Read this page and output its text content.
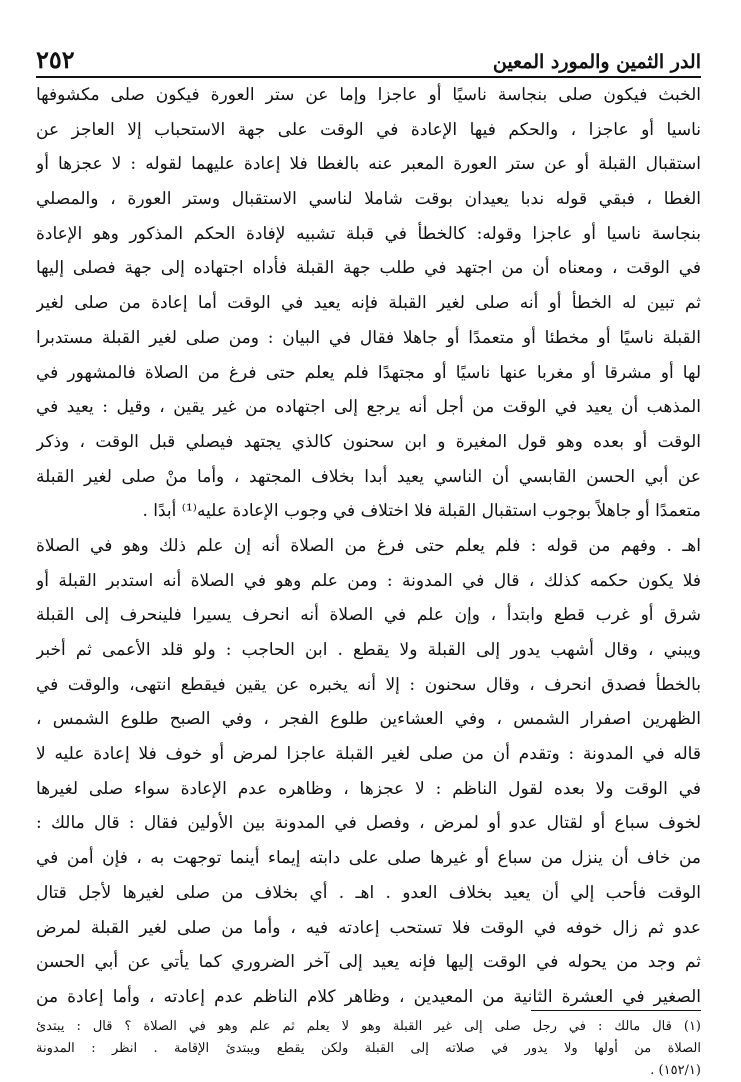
الدر الثمين والمورد المعين
٢٥٢
الخبث فيكون صلى بنجاسة ناسيًا أو عاجزا وإما عن ستر العورة فيكون صلى مكشوفها
ناسيا أو عاجزا ، والحكم فيها الإعادة في الوقت على جهة الاستحباب إلا العاجز عن
استقبال القبلة أو عن ستر العورة المعبر عنه بالغطا فلا إعادة عليهما لقوله : لا عجزها أو
الغطا ، فبقي قوله ندبا يعيدان بوقت شاملا لناسي الاستقبال وستر العورة ، والمصلي
بنجاسة ناسيا أو عاجزا وقوله: كالخطأ في قبلة تشبيه لإفادة الحكم المذكور وهو الإعادة
في الوقت ، ومعناه أن من اجتهد في طلب جهة القبلة فأداه اجتهاده إلى جهة فصلى إليها
ثم تبين له الخطأ أو أنه صلى لغير القبلة فإنه يعيد في الوقت أما إعادة من صلى لغير
القبلة ناسيًا أو مخطئا أو متعمدًا أو جاهلا فقال في البيان : ومن صلى لغير القبلة مستدبرا
لها أو مشرقا أو مغربا عنها ناسيًا أو مجتهدًا فلم يعلم حتى فرغ من الصلاة فالمشهور في
المذهب أن يعيد في الوقت من أجل أنه يرجع إلى اجتهاده من غير يقين ، وقيل : يعيد في
الوقت أو بعده وهو قول المغيرة و ابن سحنون كالذي يجتهد فيصلي قبل الوقت ، وذكر
عن أبي الحسن القابسي أن الناسي يعيد أبدا بخلاف المجتهد ، وأما منْ صلى لغير القبلة
متعمدًا أو جاهلاً بوجوب استقبال القبلة فلا اختلاف في وجوب الإعادة عليه⁽¹⁾ أبدًا .
اهـ . وفهم من قوله : فلم يعلم حتى فرغ من الصلاة أنه إن علم ذلك وهو في الصلاة
فلا يكون حكمه كذلك ، قال في المدونة : ومن علم وهو في الصلاة أنه استدبر القبلة أو
شرق أو غرب قطع وابتدأ ، وإن علم في الصلاة أنه انحرف يسيرا فلينحرف إلى القبلة
ويبني ، وقال أشهب يدور إلى القبلة ولا يقطع . ابن الحاجب : ولو قلد الأعمى ثم أخبر
بالخطأ فصدق انحرف ، وقال سحنون : إلا أنه يخبره عن يقين فيقطع انتهى، والوقت في
الظهرين اصفرار الشمس ، وفي العشاءين طلوع الفجر ، وفي الصبح طلوع الشمس ،
قاله في المدونة : وتقدم أن من صلى لغير القبلة عاجزا لمرض أو خوف فلا إعادة عليه لا
في الوقت ولا بعده لقول الناظم : لا عجزها ، وظاهره عدم الإعادة سواء صلى لغيرها
لخوف سباع أو لقتال عدو أو لمرض ، وفصل في المدونة بين الأولين فقال : قال مالك :
من خاف أن ينزل من سباع أو غيرها صلى على دابته إيماء أينما توجهت به ، فإن أمن في
الوقت فأحب إلي أن يعيد بخلاف العدو . اهـ . أي بخلاف من صلى لغيرها لأجل قتال
عدو ثم زال خوفه في الوقت فلا تستحب إعادته فيه ، وأما من صلى لغير القبلة لمرض
ثم وجد من يحوله في الوقت إليها فإنه يعيد إلى آخر الضروري كما يأتي عن أبي الحسن
الصغير في العشرة الثانية من المعيدين ، وظاهر كلام الناظم عدم إعادته ، وأما إعادة من
(١) قال مالك : في رجل صلى إلى غير القبلة وهو لا يعلم ثم علم وهو في الصلاة ؟ قال : يبتدئ
الصلاة من أولها ولا يدور في صلاته إلى القبلة ولكن يقطع ويبتدئ الإقامة . انظر : المدونة
(١٥٢/١) .
